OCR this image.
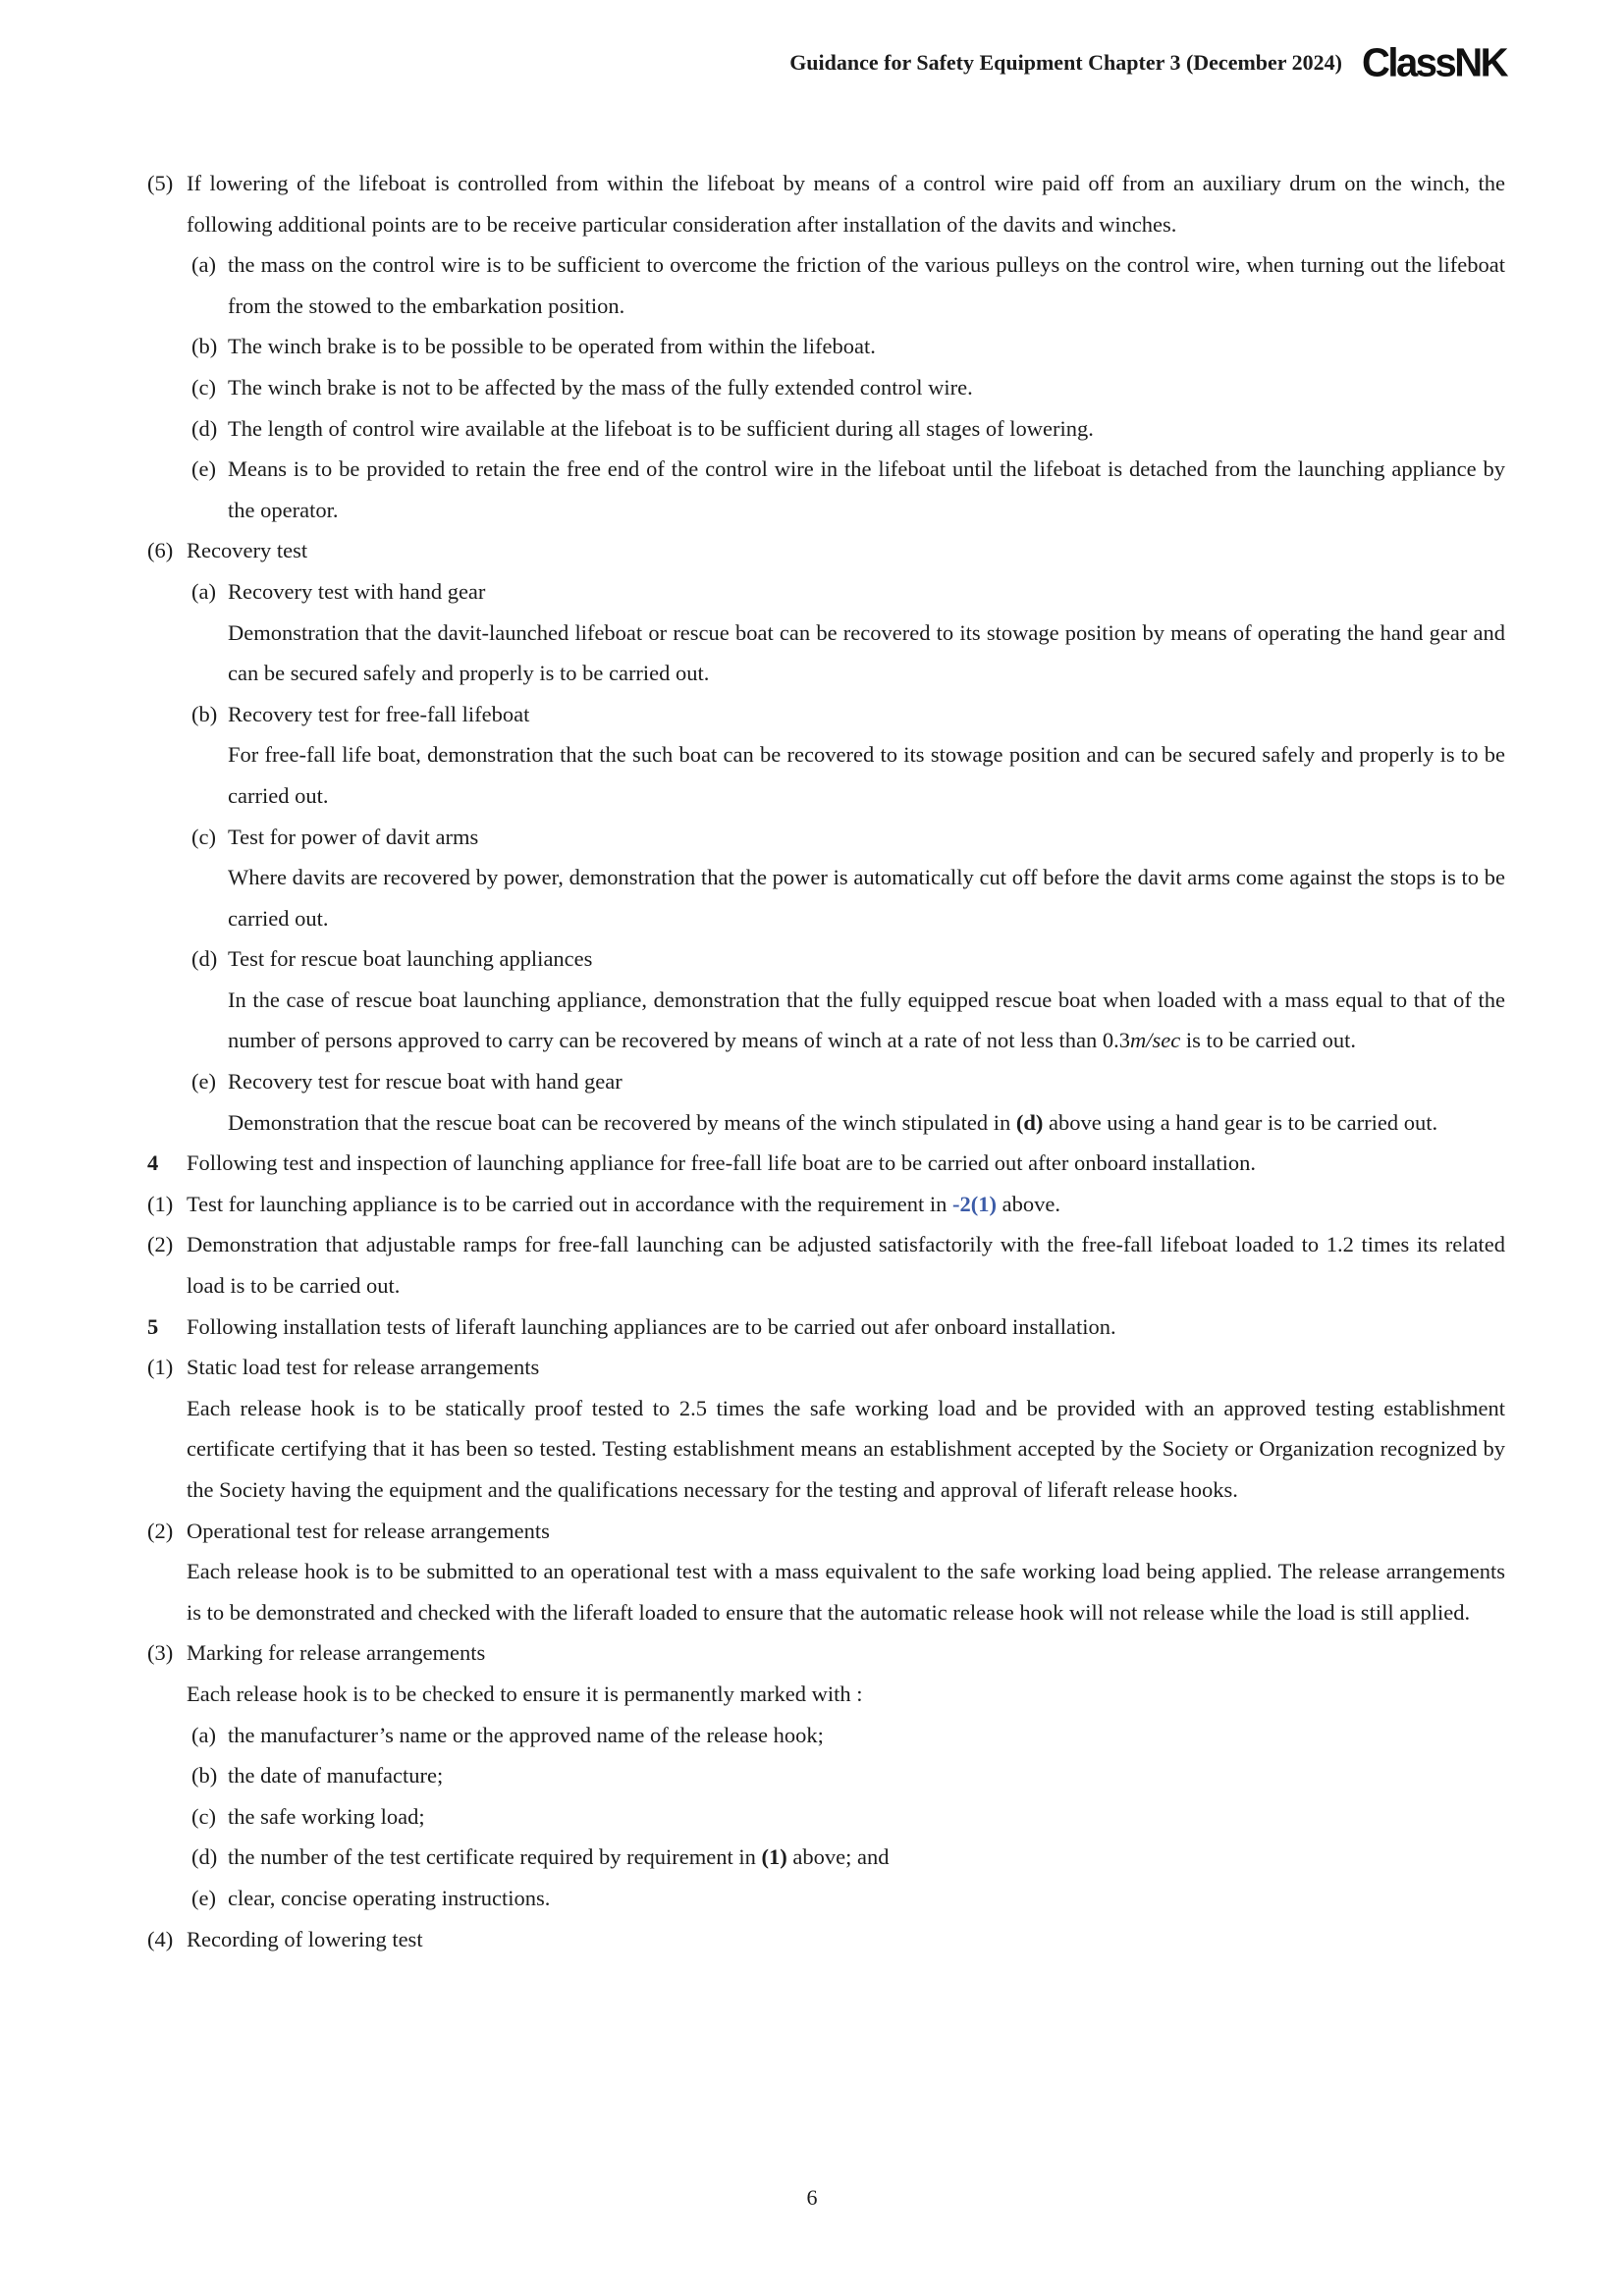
Guidance for Safety Equipment Chapter 3 (December 2024) ClassNK
(5) If lowering of the lifeboat is controlled from within the lifeboat by means of a control wire paid off from an auxiliary drum on the winch, the following additional points are to be receive particular consideration after installation of the davits and winches.
(a) the mass on the control wire is to be sufficient to overcome the friction of the various pulleys on the control wire, when turning out the lifeboat from the stowed to the embarkation position.
(b) The winch brake is to be possible to be operated from within the lifeboat.
(c) The winch brake is not to be affected by the mass of the fully extended control wire.
(d) The length of control wire available at the lifeboat is to be sufficient during all stages of lowering.
(e) Means is to be provided to retain the free end of the control wire in the lifeboat until the lifeboat is detached from the launching appliance by the operator.
(6) Recovery test
(a) Recovery test with hand gear
Demonstration that the davit-launched lifeboat or rescue boat can be recovered to its stowage position by means of operating the hand gear and can be secured safely and properly is to be carried out.
(b) Recovery test for free-fall lifeboat
For free-fall life boat, demonstration that the such boat can be recovered to its stowage position and can be secured safely and properly is to be carried out.
(c) Test for power of davit arms
Where davits are recovered by power, demonstration that the power is automatically cut off before the davit arms come against the stops is to be carried out.
(d) Test for rescue boat launching appliances
In the case of rescue boat launching appliance, demonstration that the fully equipped rescue boat when loaded with a mass equal to that of the number of persons approved to carry can be recovered by means of winch at a rate of not less than 0.3m/sec is to be carried out.
(e) Recovery test for rescue boat with hand gear
Demonstration that the rescue boat can be recovered by means of the winch stipulated in (d) above using a hand gear is to be carried out.
4 Following test and inspection of launching appliance for free-fall life boat are to be carried out after onboard installation.
(1) Test for launching appliance is to be carried out in accordance with the requirement in -2(1) above.
(2) Demonstration that adjustable ramps for free-fall launching can be adjusted satisfactorily with the free-fall lifeboat loaded to 1.2 times its related load is to be carried out.
5 Following installation tests of liferaft launching appliances are to be carried out afer onboard installation.
(1) Static load test for release arrangements
Each release hook is to be statically proof tested to 2.5 times the safe working load and be provided with an approved testing establishment certificate certifying that it has been so tested. Testing establishment means an establishment accepted by the Society or Organization recognized by the Society having the equipment and the qualifications necessary for the testing and approval of liferaft release hooks.
(2) Operational test for release arrangements
Each release hook is to be submitted to an operational test with a mass equivalent to the safe working load being applied. The release arrangements is to be demonstrated and checked with the liferaft loaded to ensure that the automatic release hook will not release while the load is still applied.
(3) Marking for release arrangements
Each release hook is to be checked to ensure it is permanently marked with :
(a) the manufacturer’s name or the approved name of the release hook;
(b) the date of manufacture;
(c) the safe working load;
(d) the number of the test certificate required by requirement in (1) above; and
(e) clear, concise operating instructions.
(4) Recording of lowering test
6
